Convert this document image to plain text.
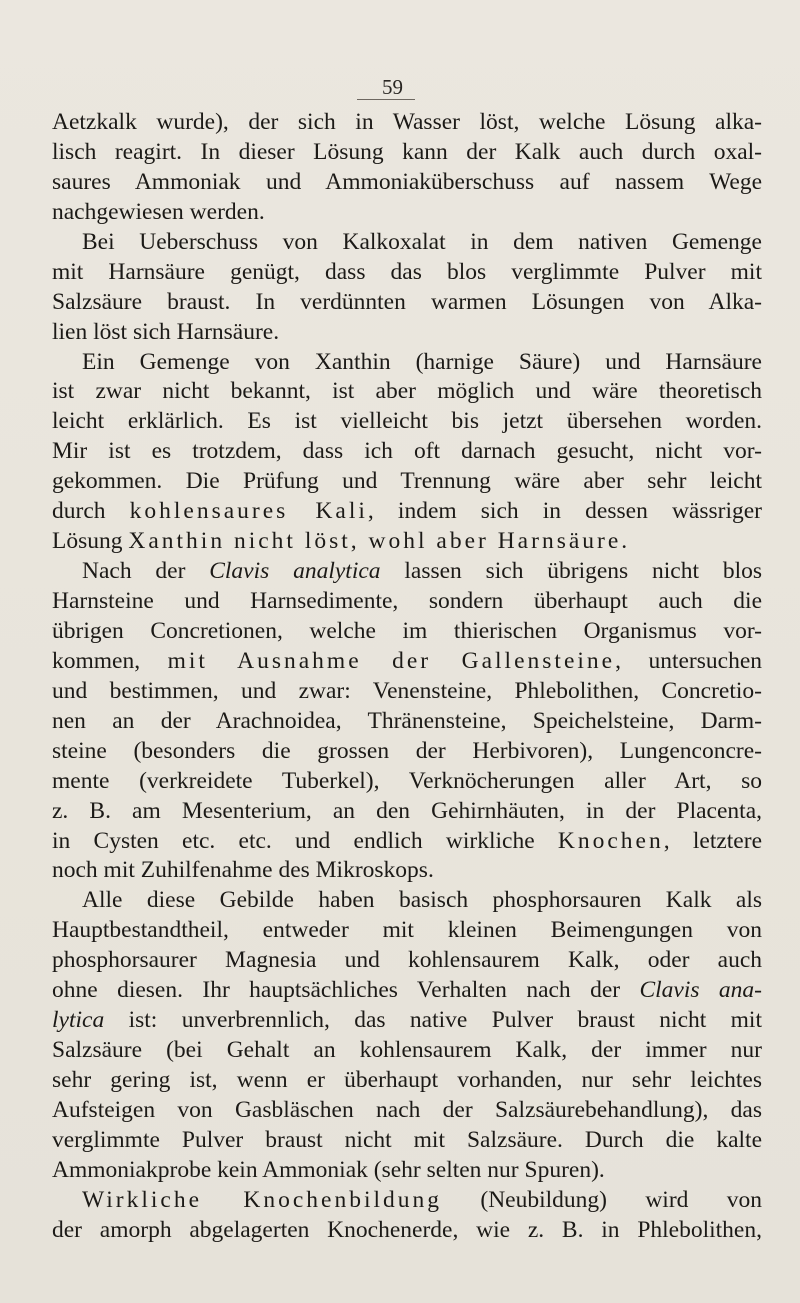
59
Aetzkalk wurde), der sich in Wasser löst, welche Lösung alka-
lisch reagirt. In dieser Lösung kann der Kalk auch durch oxal-
saures Ammoniak und Ammoniaküberschuss auf nassem Wege
nachgewiesen werden.
Bei Ueberschuss von Kalkoxalat in dem nativen Gemenge
mit Harnsäure genügt, dass das blos verglimmte Pulver mit
Salzsäure braust. In verdünnten warmen Lösungen von Alka-
lien löst sich Harnsäure.
Ein Gemenge von Xanthin (harnige Säure) und Harnsäure
ist zwar nicht bekannt, ist aber möglich und wäre theoretisch
leicht erklärlich. Es ist vielleicht bis jetzt übersehen worden.
Mir ist es trotzdem, dass ich oft darnach gesucht, nicht vor-
gekommen. Die Prüfung und Trennung wäre aber sehr leicht
durch kohlensaures Kali, indem sich in dessen wässriger
Lösung Xanthin nicht löst, wohl aber Harnsäure.
Nach der Clavis analytica lassen sich übrigens nicht blos
Harnsteine und Harnsedimente, sondern überhaupt auch die
übrigen Concretionen, welche im thierischen Organismus vor-
kommen, mit Ausnahme der Gallensteine, untersuchen
und bestimmen, und zwar: Venensteine, Phlebolithen, Concretio-
nen an der Arachnoidea, Thränensteine, Speichelsteine, Darm-
steine (besonders die grossen der Herbivoren), Lungenconcre-
mente (verkreidete Tuberkel), Verknöcherungen aller Art, so
z. B. am Mesenterium, an den Gehirnhäuten, in der Placenta,
in Cysten etc. etc. und endlich wirkliche Knochen, letztere
noch mit Zuhilfenahme des Mikroskops.
Alle diese Gebilde haben basisch phosphorsauren Kalk als
Hauptbestandtheil, entweder mit kleinen Beimengungen von
phosphorsaurer Magnesia und kohlensaurem Kalk, oder auch
ohne diesen. Ihr hauptsächliches Verhalten nach der Clavis ana-
lytica ist: unverbrennlich, das native Pulver braust nicht mit
Salzsäure (bei Gehalt an kohlensaurem Kalk, der immer nur
sehr gering ist, wenn er überhaupt vorhanden, nur sehr leichtes
Aufsteigen von Gasbläschen nach der Salzsäurebehandlung), das
verglimmte Pulver braust nicht mit Salzsäure. Durch die kalte
Ammoniakprobe kein Ammoniak (sehr selten nur Spuren).
Wirkliche Knochenbildung (Neubildung) wird von
der amorph abgelagerten Knochenerde, wie z. B. in Phlebolithen,
